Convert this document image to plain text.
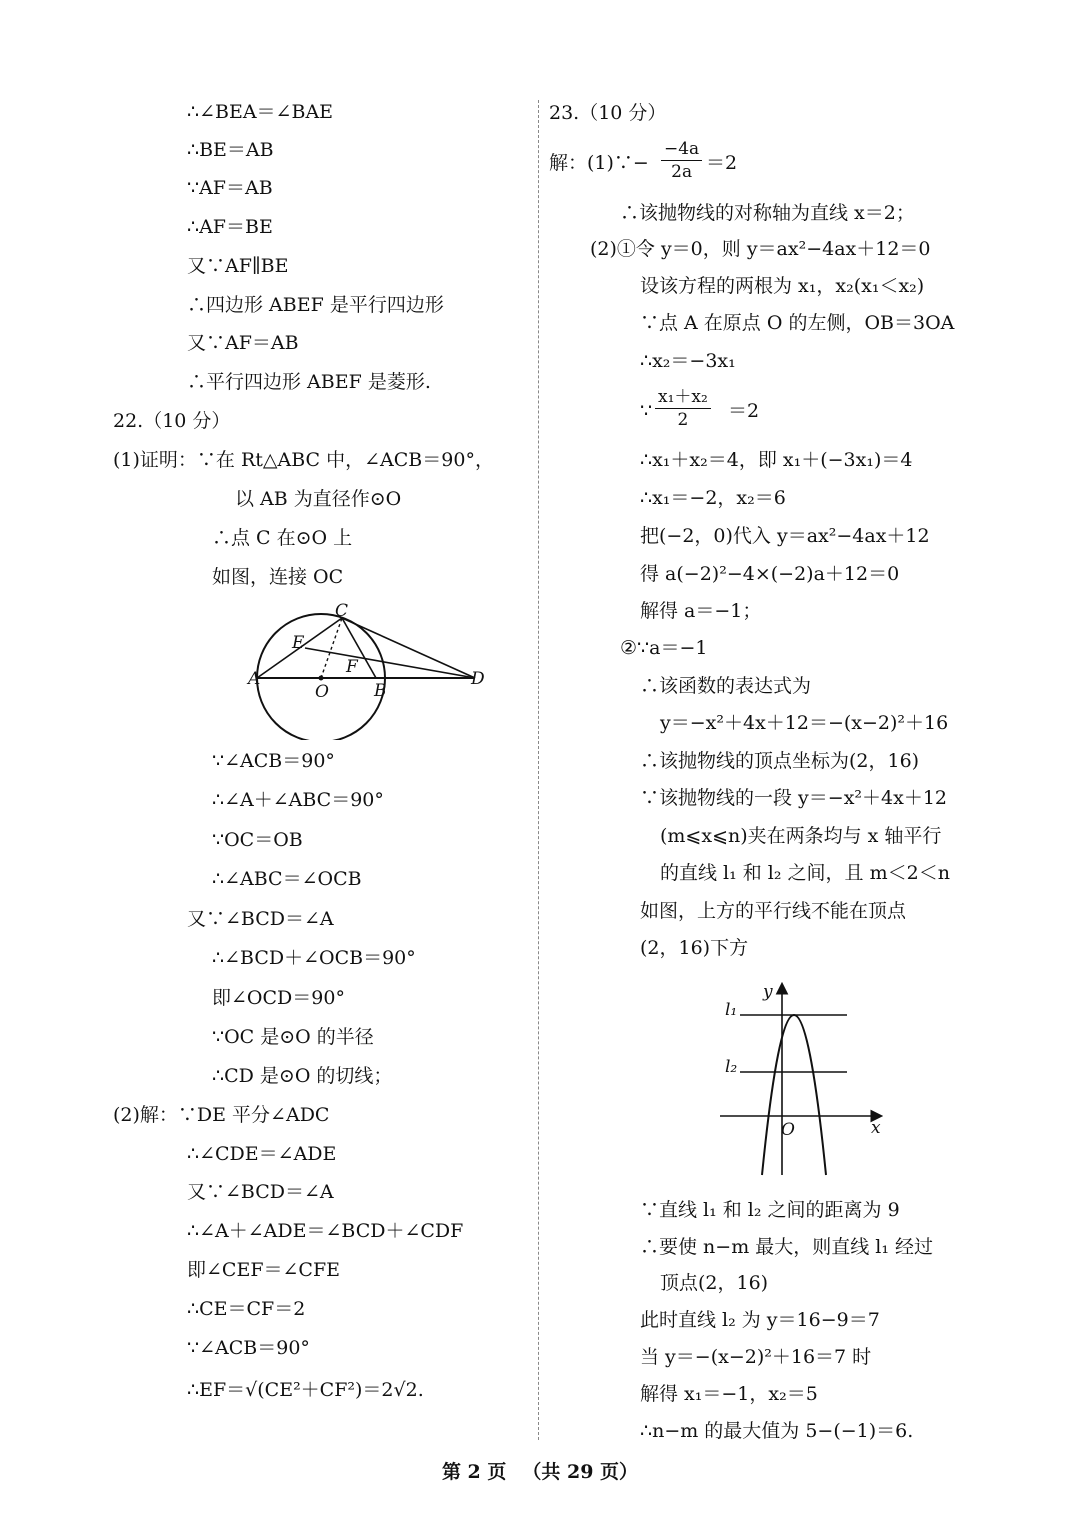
∴∠BEA＝∠BAE
∴BE＝AB
∵AF＝AB
∴AF＝BE
又∵AF∥BE
∴四边形 ABEF 是平行四边形
又∵AF＝AB
∴平行四边形 ABEF 是菱形.
22.（10 分）
(1)证明：∵在 Rt△ABC 中，∠ACB＝90°，
以 AB 为直径作⊙O
∴点 C 在⊙O 上
如图，连接 OC
A
B
C
D
E
F
O
∵∠ACB＝90°
∴∠A＋∠ABC＝90°
∵OC＝OB
∴∠ABC＝∠OCB
又∵∠BCD＝∠A
∴∠BCD＋∠OCB＝90°
即∠OCD＝90°
∵OC 是⊙O 的半径
∴CD 是⊙O 的切线；
(2)解：∵DE 平分∠ADC
∴∠CDE＝∠ADE
又∵∠BCD＝∠A
∴∠A＋∠ADE＝∠BCD＋∠CDF
即∠CEF＝∠CFE
∴CE＝CF＝2
∵∠ACB＝90°
∴EF＝√(CE²＋CF²)＝2√2.
23.（10 分）
解：(1)∵− $\frac{-4a}{2a} =2$
∴该抛物线的对称轴为直线 x＝2；
(2)①令 y＝0，则 y＝ax²−4ax＋12＝0
设该方程的两根为 x₁，x₂(x₁＜x₂)
∵点 A 在原点 O 的左侧，OB＝3OA
∴x₂＝−3x₁
∵ $\frac{\text{x₁＋x₂}}{2} =2$
∴x₁＋x₂＝4，即 x₁＋(−3x₁)＝4
∴x₁＝−2，x₂＝6
把(−2，0)代入 y＝ax²−4ax＋12
得 a(−2)²−4×(−2)a＋12＝0
解得 a＝−1；
②∵a＝−1
∴该函数的表达式为
y＝−x²＋4x＋12＝−(x−2)²＋16
∴该抛物线的顶点坐标为(2，16)
∵该抛物线的一段 y＝−x²＋4x＋12
(m⩽x⩽n)夹在两条均与 x 轴平行
的直线 l₁ 和 l₂ 之间，且 m＜2＜n
如图，上方的平行线不能在顶点
(2，16)下方
y
x
O
l₁
l₂
∵直线 l₁ 和 l₂ 之间的距离为 9
∴要使 n−m 最大，则直线 l₁ 经过
顶点(2，16)
此时直线 l₂ 为 y＝16−9＝7
当 y＝−(x−2)²＋16＝7 时
解得 x₁＝−1，x₂＝5
∴n−m 的最大值为 5−(−1)＝6.
第 2 页 （共 29 页）
